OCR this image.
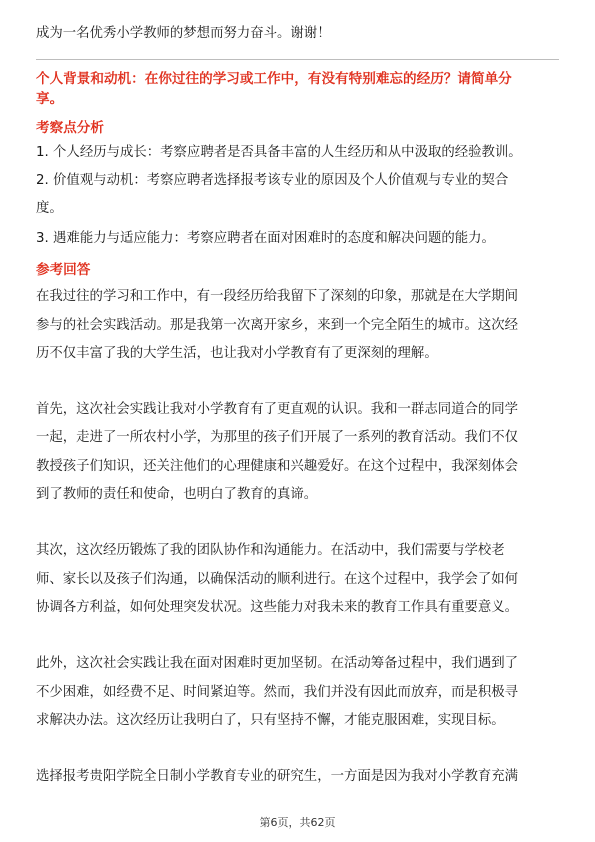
成为一名优秀小学教师的梦想而努力奋斗。谢谢！
个人背景和动机：在你过往的学习或工作中，有没有特别难忘的经历？请简单分
享。
考察点分析
1. 个人经历与成长：考察应聘者是否具备丰富的人生经历和从中汲取的经验教训。
2. 价值观与动机：考察应聘者选择报考该专业的原因及个人价值观与专业的契合
度。
3. 遇难能力与适应能力：考察应聘者在面对困难时的态度和解决问题的能力。
参考回答
在我过往的学习和工作中，有一段经历给我留下了深刻的印象，那就是在大学期间
参与的社会实践活动。那是我第一次离开家乡，来到一个完全陌生的城市。这次经
历不仅丰富了我的大学生活，也让我对小学教育有了更深刻的理解。
首先，这次社会实践让我对小学教育有了更直观的认识。我和一群志同道合的同学
一起，走进了一所农村小学，为那里的孩子们开展了一系列的教育活动。我们不仅
教授孩子们知识，还关注他们的心理健康和兴趣爱好。在这个过程中，我深刻体会
到了教师的责任和使命，也明白了教育的真谛。
其次，这次经历锻炼了我的团队协作和沟通能力。在活动中，我们需要与学校老
师、家长以及孩子们沟通，以确保活动的顺利进行。在这个过程中，我学会了如何
协调各方利益，如何处理突发状况。这些能力对我未来的教育工作具有重要意义。
此外，这次社会实践让我在面对困难时更加坚韧。在活动筹备过程中，我们遇到了
不少困难，如经费不足、时间紧迫等。然而，我们并没有因此而放弃，而是积极寻
求解决办法。这次经历让我明白了，只有坚持不懈，才能克服困难，实现目标。
选择报考贵阳学院全日制小学教育专业的研究生，一方面是因为我对小学教育充满
第6页，共62页
